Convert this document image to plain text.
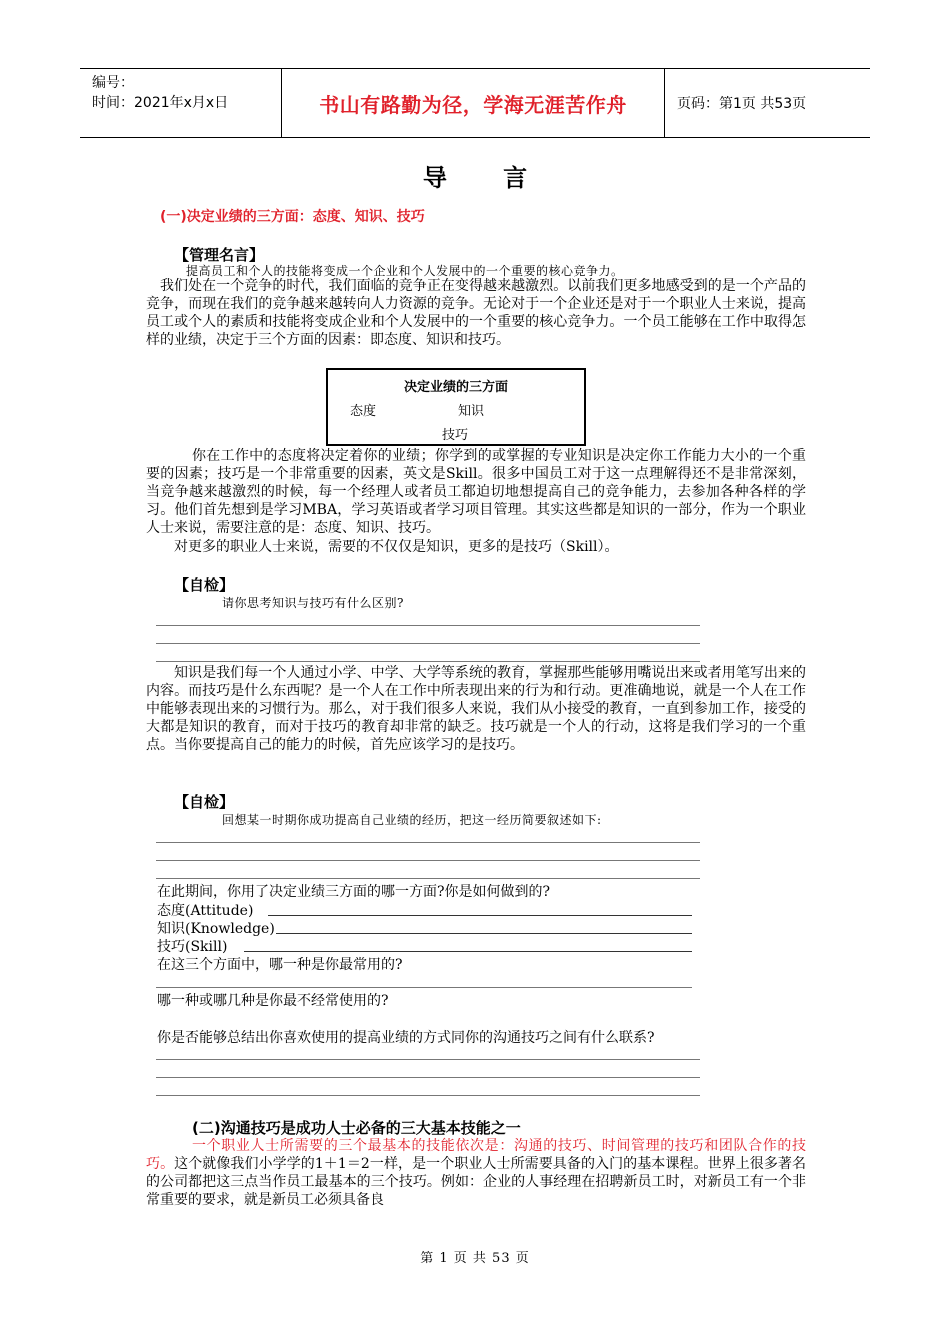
编号：
时间：2021年x月x日	书山有路勤为径，学海无涯苦作舟	页码：第1页 共53页
导 言
(一)决定业绩的三方面：态度、知识、技巧
【管理名言】
提高员工和个人的技能将变成一个企业和个人发展中的一个重要的核心竞争力。
我们处在一个竞争的时代，我们面临的竞争正在变得越来越激烈。以前我们更多地感受到的是一个产品的竞争，而现在我们的竞争越来越转向人力资源的竞争。无论对于一个企业还是对于一个职业人士来说，提高员工或个人的素质和技能将变成企业和个人发展中的一个重要的核心竞争力。一个员工能够在工作中取得怎样的业绩，决定于三个方面的因素：即态度、知识和技巧。
决定业绩的三方面
态度	知识
技巧
你在工作中的态度将决定着你的业绩；你学到的或掌握的专业知识是决定你工作能力大小的一个重要的因素；技巧是一个非常重要的因素，英文是Skill。很多中国员工对于这一点理解得还不是非常深刻，当竞争越来越激烈的时候，每一个经理人或者员工都迫切地想提高自己的竞争能力，去参加各种各样的学习。他们首先想到是学习MBA，学习英语或者学习项目管理。其实这些都是知识的一部分，作为一个职业人士来说，需要注意的是：态度、知识、技巧。
对更多的职业人士来说，需要的不仅仅是知识，更多的是技巧（Skill）。
【自检】
请你思考知识与技巧有什么区别?
知识是我们每一个人通过小学、中学、大学等系统的教育，掌握那些能够用嘴说出来或者用笔写出来的内容。而技巧是什么东西呢？是一个人在工作中所表现出来的行为和行动。更准确地说，就是一个人在工作中能够表现出来的习惯行为。那么，对于我们很多人来说，我们从小接受的教育，一直到参加工作，接受的大都是知识的教育，而对于技巧的教育却非常的缺乏。技巧就是一个人的行动，这将是我们学习的一个重点。当你要提高自己的能力的时候，首先应该学习的是技巧。
【自检】
回想某一时期你成功提高自己业绩的经历，把这一经历简要叙述如下:
在此期间，你用了决定业绩三方面的哪一方面?你是如何做到的?
态度(Attitude)
知识(Knowledge)
技巧(Skill)
在这三个方面中，哪一种是你最常用的?
哪一种或哪几种是你最不经常使用的?
你是否能够总结出你喜欢使用的提高业绩的方式同你的沟通技巧之间有什么联系?
(二)沟通技巧是成功人士必备的三大基本技能之一
一个职业人士所需要的三个最基本的技能依次是：沟通的技巧、时间管理的技巧和团队合作的技巧。这个就像我们小学学的1＋1＝2一样，是一个职业人士所需要具备的入门的基本课程。世界上很多著名的公司都把这三点当作员工最基本的三个技巧。例如：企业的人事经理在招聘新员工时，对新员工有一个非常重要的要求，就是新员工必须具备良
第 1 页 共 53 页
